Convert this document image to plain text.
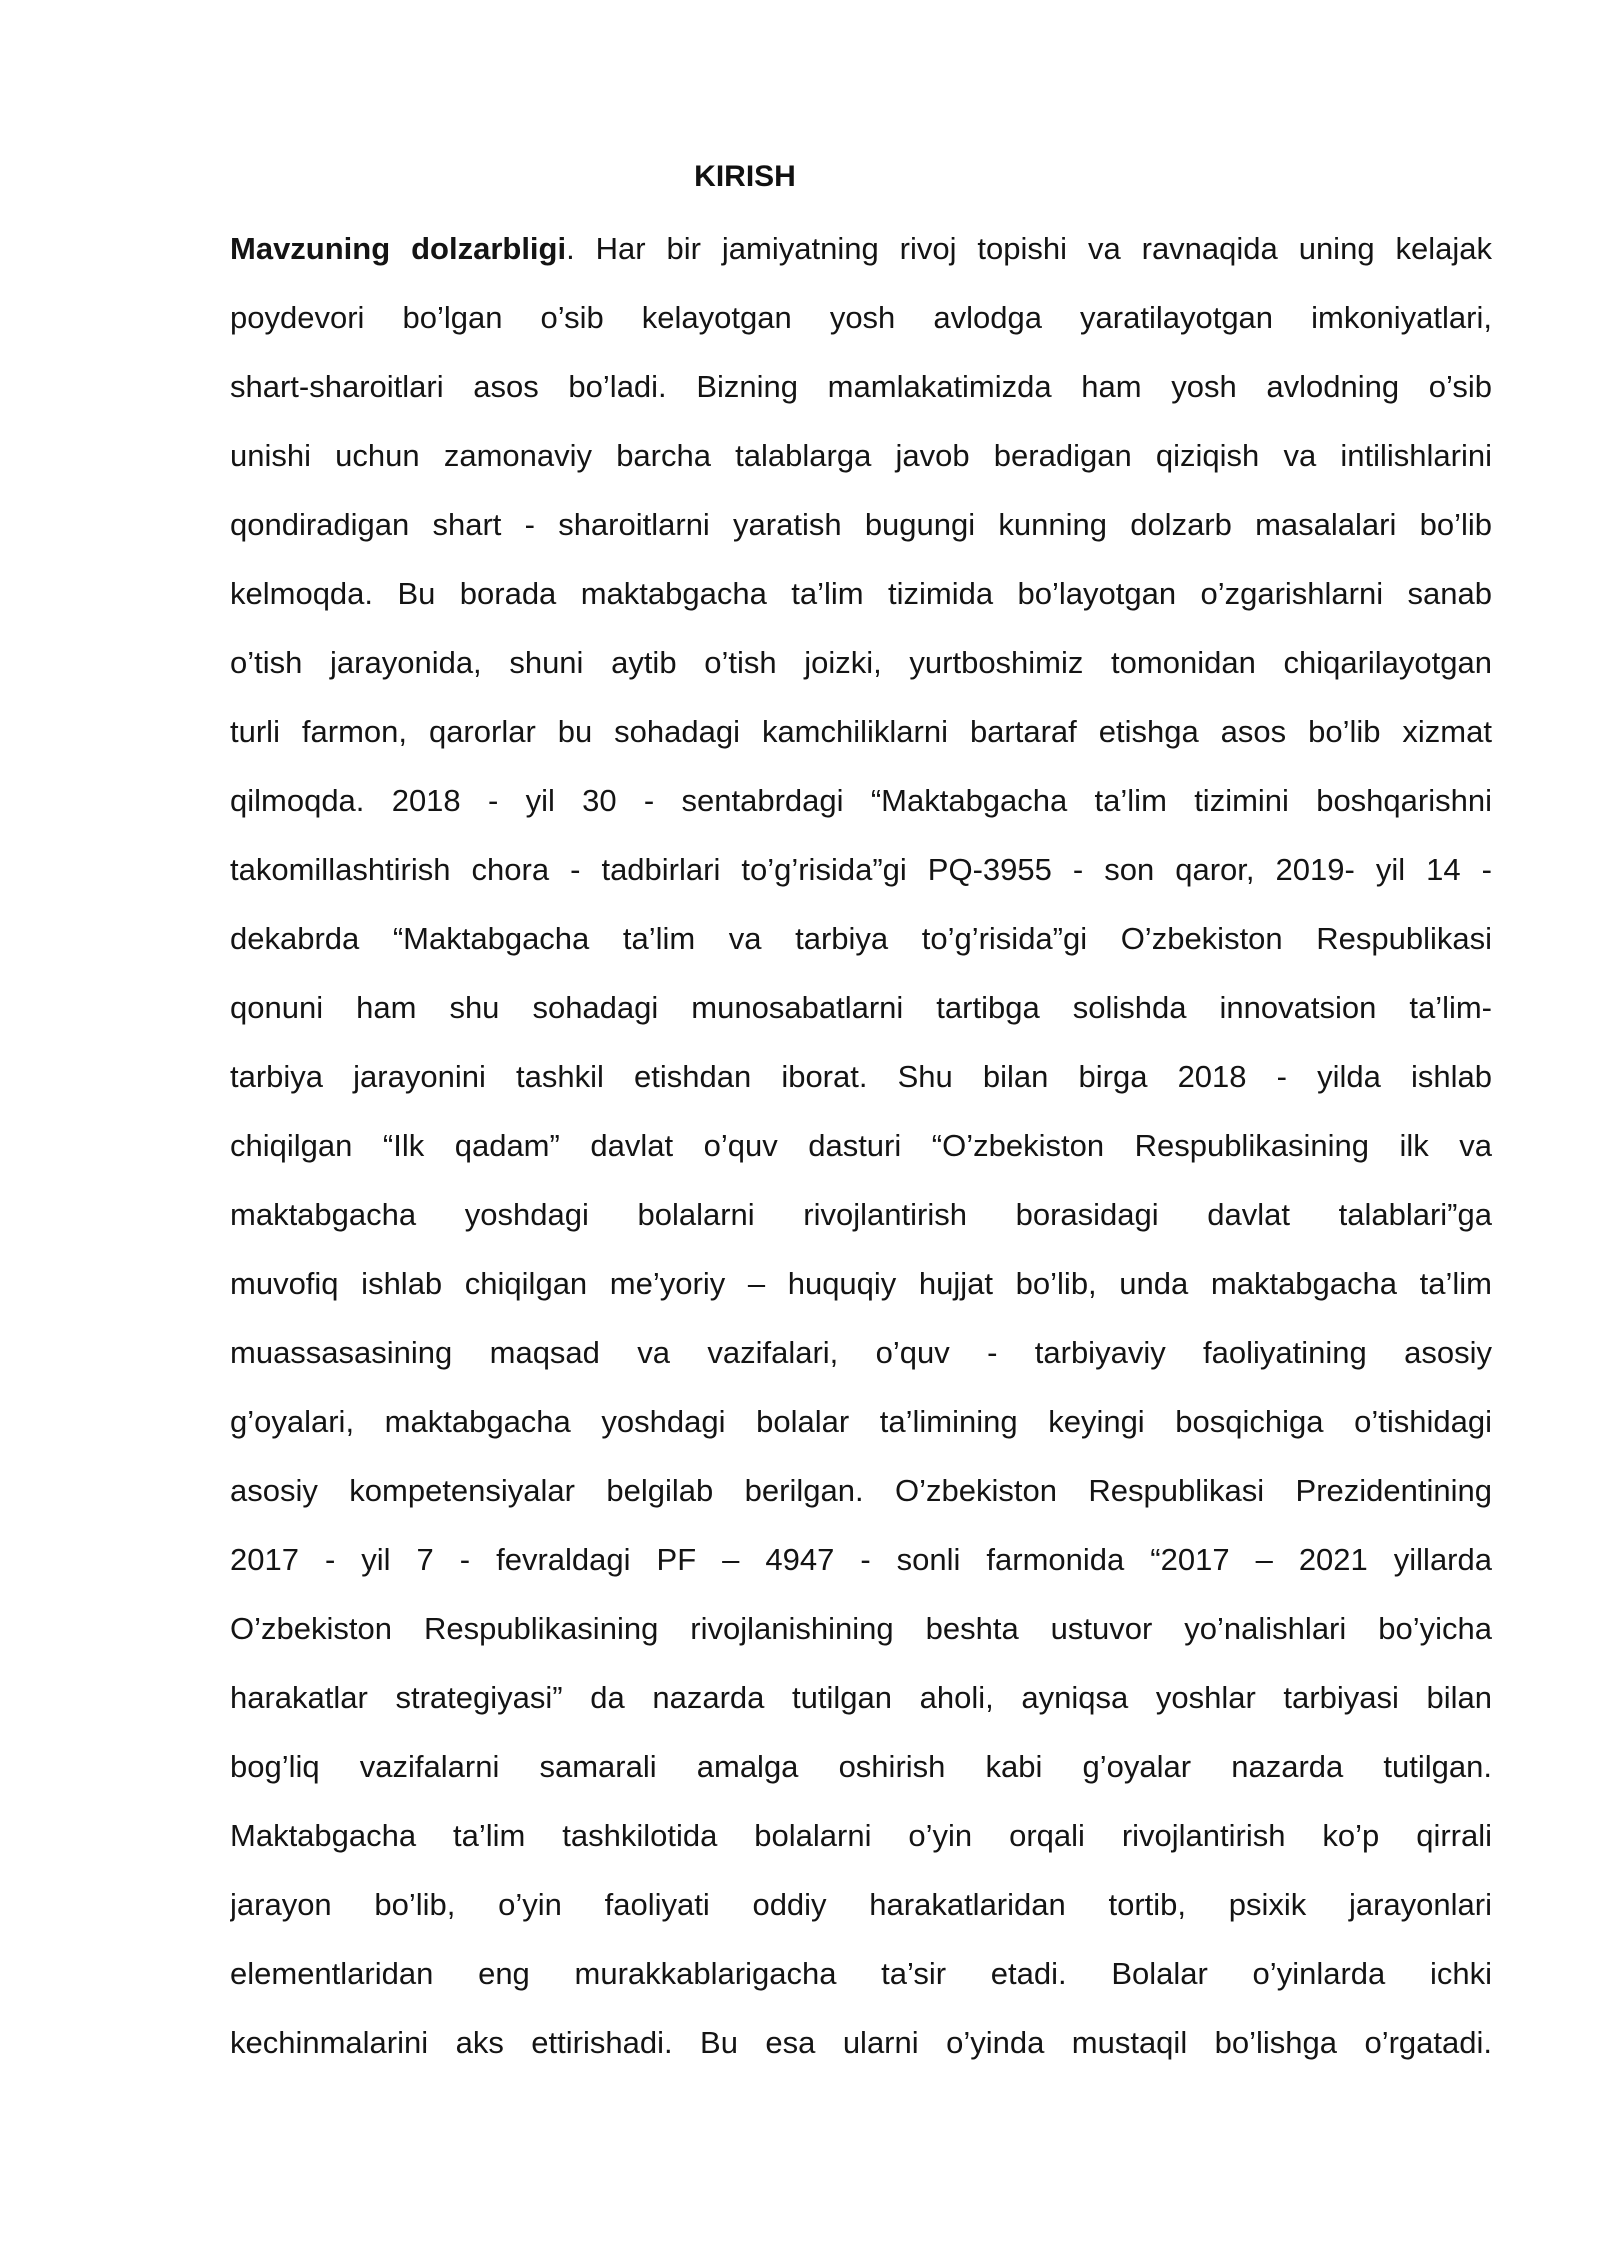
KIRISH
Mavzuning dolzarbligi. Har bir jamiyatning rivoj topishi va ravnaqida uning kelajak
poydevori bo’lgan o’sib kelayotgan yosh avlodga yaratilayotgan imkoniyatlari,
shart-sharoitlari asos bo’ladi. Bizning mamlakatimizda ham yosh avlodning o’sib
unishi uchun zamonaviy barcha talablarga javob beradigan qiziqish va intilishlarini
qondiradigan shart - sharoitlarni yaratish bugungi kunning dolzarb masalalari bo’lib
kelmoqda. Bu borada maktabgacha ta’lim tizimida bo’layotgan o’zgarishlarni sanab
o’tish jarayonida, shuni aytib o’tish joizki, yurtboshimiz tomonidan chiqarilayotgan
turli farmon, qarorlar bu sohadagi kamchiliklarni bartaraf etishga asos bo’lib xizmat
qilmoqda. 2018 - yil 30 - sentabrdagi “Maktabgacha ta’lim tizimini boshqarishni
takomillashtirish chora - tadbirlari to’g’risida”gi PQ-3955 - son qaror, 2019- yil 14 -
dekabrda “Maktabgacha ta’lim va tarbiya to’g’risida”gi O’zbekiston Respublikasi
qonuni ham shu sohadagi munosabatlarni tartibga solishda innovatsion ta’lim-
tarbiya jarayonini tashkil etishdan iborat. Shu bilan birga 2018 - yilda ishlab
chiqilgan “Ilk qadam” davlat o’quv dasturi “O’zbekiston Respublikasining ilk va
maktabgacha yoshdagi bolalarni rivojlantirish borasidagi davlat talablari”ga
muvofiq ishlab chiqilgan me’yoriy – huquqiy hujjat bo’lib, unda maktabgacha ta’lim
muassasasining maqsad va vazifalari, o’quv - tarbiyaviy faoliyatining asosiy
g’oyalari, maktabgacha yoshdagi bolalar ta’limining keyingi bosqichiga o’tishidagi
asosiy kompetensiyalar belgilab berilgan. O’zbekiston Respublikasi Prezidentining
2017 - yil 7 - fevraldagi PF – 4947 - sonli farmonida “2017 – 2021 yillarda
O’zbekiston Respublikasining rivojlanishining beshta ustuvor yo’nalishlari bo’yicha
harakatlar strategiyasi” da nazarda tutilgan aholi, ayniqsa yoshlar tarbiyasi bilan
bog’liq vazifalarni samarali amalga oshirish kabi g’oyalar nazarda tutilgan.
Maktabgacha ta’lim tashkilotida bolalarni o’yin orqali rivojlantirish ko’p qirrali
jarayon bo’lib, o’yin faoliyati oddiy harakatlaridan tortib, psixik jarayonlari
elementlaridan eng murakkablarigacha ta’sir etadi. Bolalar o’yinlarda ichki
kechinmalarini aks ettirishadi. Bu esa ularni o’yinda mustaqil bo’lishga o’rgatadi.
